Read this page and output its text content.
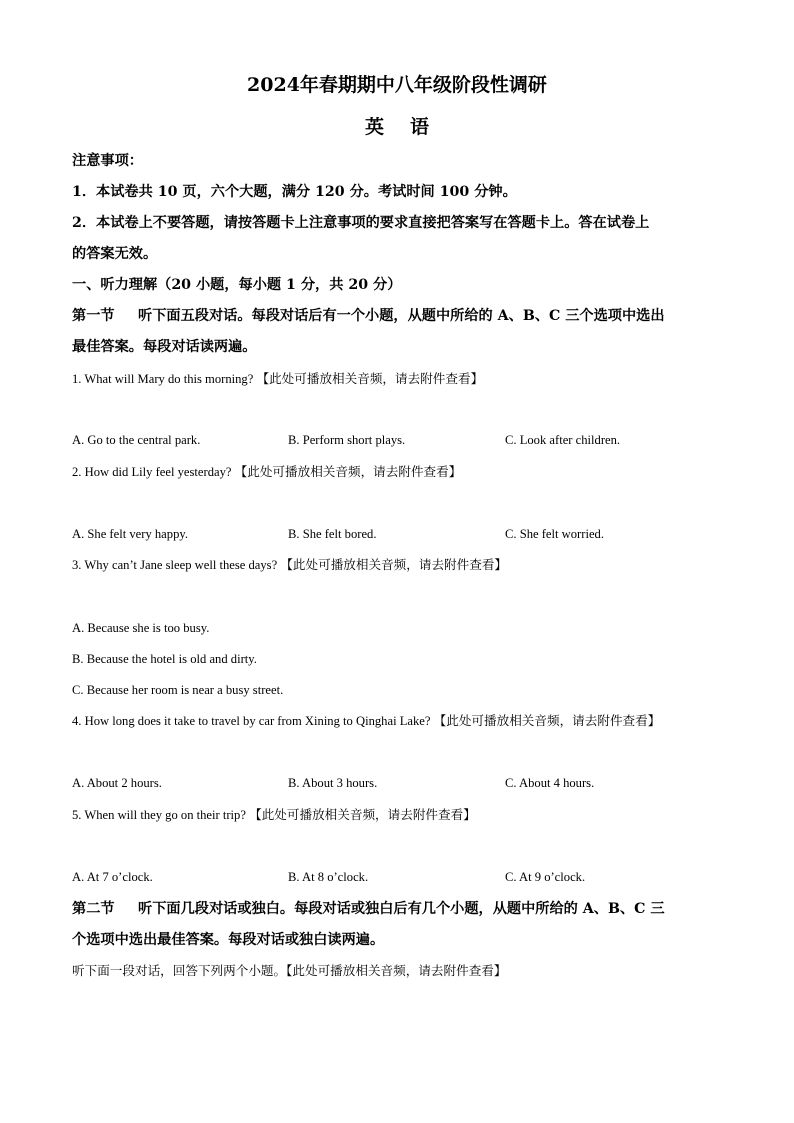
2024年春期期中八年级阶段性调研
英语
注意事项：
1．本试卷共 10 页，六个大题，满分 120 分。考试时间 100 分钟。
2．本试卷上不要答题，请按答题卡上注意事项的要求直接把答案写在答题卡上。答在试卷上
的答案无效。
一、听力理解（20 小题，每小题 1 分，共 20 分）
第一节 听下面五段对话。每段对话后有一个小题，从题中所给的 A、B、C 三个选项中选出
最佳答案。每段对话读两遍。
1. What will Mary do this morning? 【此处可播放相关音频，请去附件查看】
A. Go to the central park.	B. Perform short plays.	C. Look after children.
2. How did Lily feel yesterday? 【此处可播放相关音频，请去附件查看】
A. She felt very happy.	B. She felt bored.	C. She felt worried.
3. Why can’t Jane sleep well these days? 【此处可播放相关音频，请去附件查看】
A. Because she is too busy.
B. Because the hotel is old and dirty.
C. Because her room is near a busy street.
4. How long does it take to travel by car from Xining to Qinghai Lake? 【此处可播放相关音频，请去附件查看】
A. About 2 hours.	B. About 3 hours.	C. About 4 hours.
5. When will they go on their trip? 【此处可播放相关音频，请去附件查看】
A. At 7 o’clock.	B. At 8 o’clock.	C. At 9 o’clock.
第二节 听下面几段对话或独白。每段对话或独白后有几个小题，从题中所给的 A、B、C 三
个选项中选出最佳答案。每段对话或独白读两遍。
听下面一段对话，回答下列两个小题。【此处可播放相关音频，请去附件查看】
